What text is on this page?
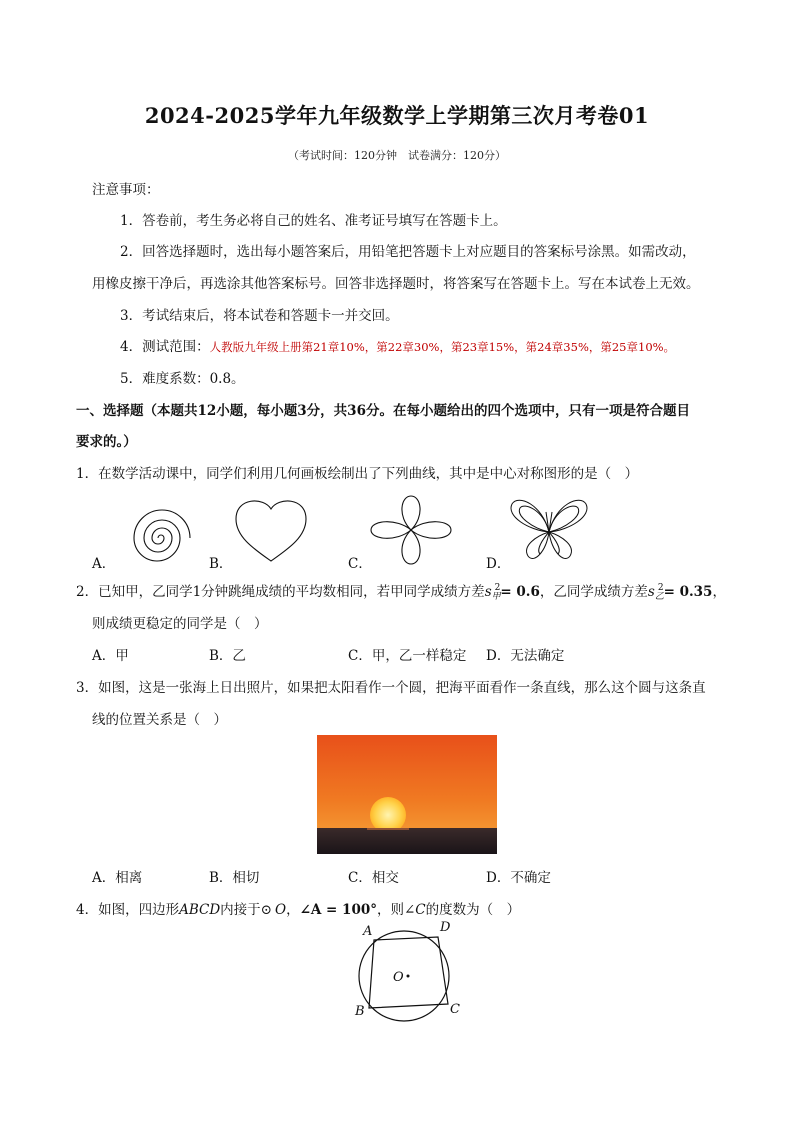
2024-2025学年九年级数学上学期第三次月考卷01
（考试时间：120分钟　试卷满分：120分）
注意事项：
1．答卷前，考生务必将自己的姓名、准考证号填写在答题卡上。
2．回答选择题时，选出每小题答案后，用铅笔把答题卡上对应题目的答案标号涂黑。如需改动，
用橡皮擦干净后，再选涂其他答案标号。回答非选择题时，将答案写在答题卡上。写在本试卷上无效。
3．考试结束后，将本试卷和答题卡一并交回。
4．测试范围：人教版九年级上册第21章10%，第22章30%，第23章15%，第24章35%，第25章10%。
5．难度系数：0.8。
一、选择题（本题共12小题，每小题3分，共36分。在每小题给出的四个选项中，只有一项是符合题目
要求的。）
1．在数学活动课中，同学们利用几何画板绘制出了下列曲线，其中是中心对称图形的是（　）
A．	B．	C．	D．
2．已知甲，乙同学1分钟跳绳成绩的平均数相同，若甲同学成绩方差$s_甲^2= 0.6$，乙同学成绩方差$s_乙^2= 0.35$，
则成绩更稳定的同学是（　）
A．甲	B．乙	C．甲，乙一样稳定 D．无法确定
3．如图，这是一张海上日出照片，如果把太阳看作一个圆，把海平面看作一条直线，那么这个圆与这条直
线的位置关系是（　）
A．相离	B．相切	C．相交	D．不确定
4．如图，四边形ABCD内接于⊙ O，∠A = 100°，则∠C的度数为（　）
A	D
O
B	C
